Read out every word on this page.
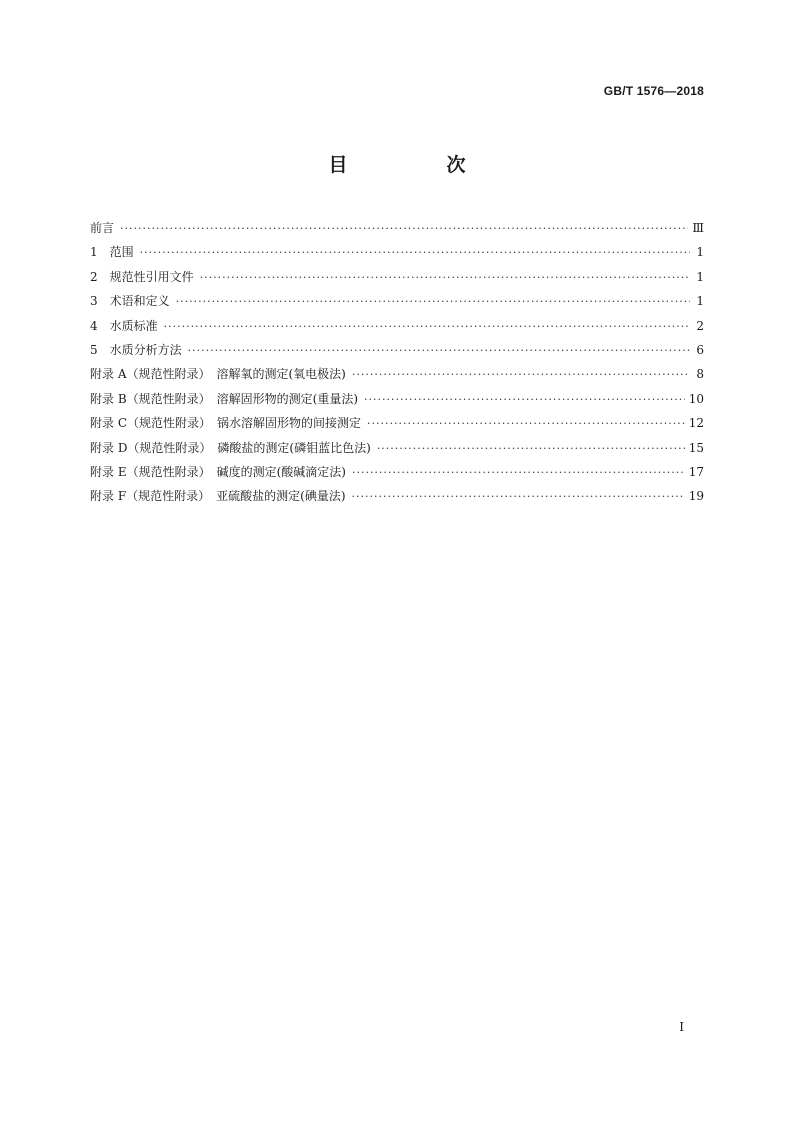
GB/T 1576—2018
目　次
前言 ·····	Ⅲ
1　范围 ·····	1
2　规范性引用文件 ·····	1
3　术语和定义 ·····	1
4　水质标准 ·····	2
5　水质分析方法 ·····	6
附录 A（规范性附录）　溶解氧的测定(氧电极法) ·····	8
附录 B（规范性附录）　溶解固形物的测定(重量法) ·····	10
附录 C（规范性附录）　锅水溶解固形物的间接测定 ·····	12
附录 D（规范性附录）　磷酸盐的测定(磷钼蓝比色法) ·····	15
附录 E（规范性附录）　碱度的测定(酸碱滴定法) ·····	17
附录 F（规范性附录）　亚硫酸盐的测定(碘量法) ·····	19
I
